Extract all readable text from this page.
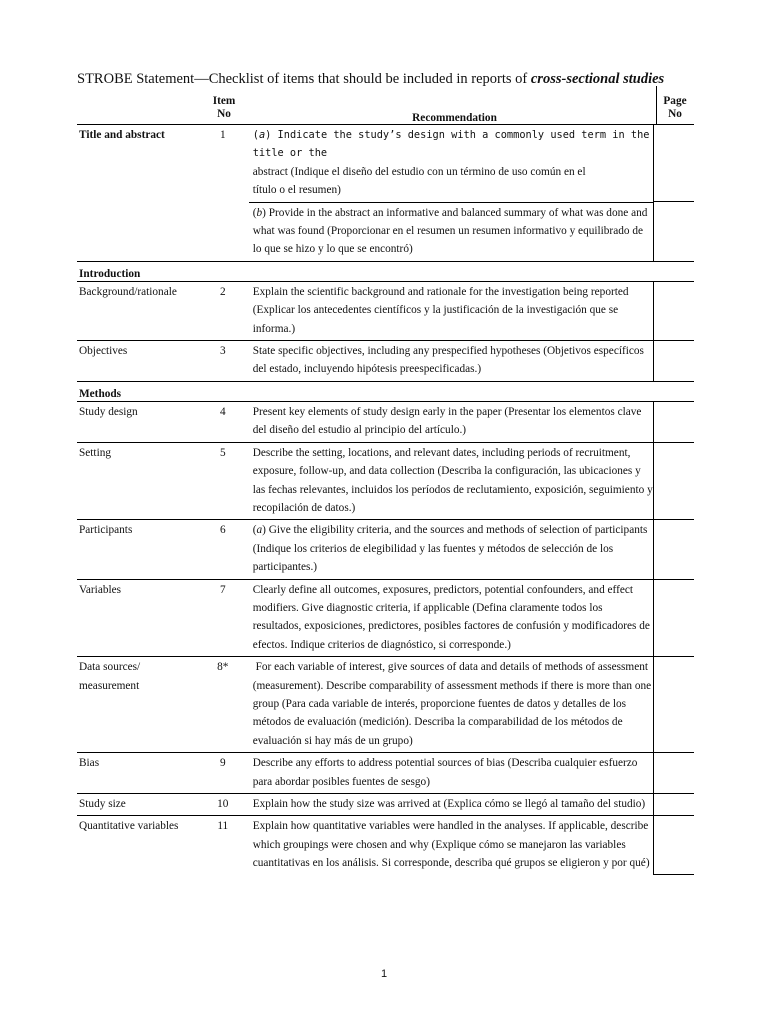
STROBE Statement—Checklist of items that should be included in reports of cross-sectional studies
Item
No	Recommendation
Page
No
Title and abstract	1	(a) Indicate the study’s design with a commonly used term in the title or the
abstract (Indique el diseño del estudio con un término de uso común en el
título o el resumen)
(b) Provide in the abstract an informative and balanced summary of what was done and what was found (Proporcionar en el resumen un resumen informativo y equilibrado de lo que se hizo y lo que se encontró)
Introduction
Background/rationale	2	Explain the scientific background and rationale for the investigation being reported (Explicar los antecedentes científicos y la justificación de la investigación que se informa.)
Objectives	3	State specific objectives, including any prespecified hypotheses (Objetivos específicos del estado, incluyendo hipótesis preespecificadas.)
Methods
Study design	4	Present key elements of study design early in the paper (Presentar los elementos clave del diseño del estudio al principio del artículo.)
Setting	5	Describe the setting, locations, and relevant dates, including periods of recruitment, exposure, follow-up, and data collection (Describa la configuración, las ubicaciones y las fechas relevantes, incluidos los períodos de reclutamiento, exposición, seguimiento y recopilación de datos.)
Participants	6	(a) Give the eligibility criteria, and the sources and methods of selection of participants (Indique los criterios de elegibilidad y las fuentes y métodos de selección de los participantes.)
Variables	7	Clearly define all outcomes, exposures, predictors, potential confounders, and effect modifiers. Give diagnostic criteria, if applicable (Defina claramente todos los resultados, exposiciones, predictores, posibles factores de confusión y modificadores de efectos. Indique criterios de diagnóstico, si corresponde.)
Data sources/
measurement
8*	For each variable of interest, give sources of data and details of methods of assessment (measurement). Describe comparability of assessment methods if there is more than one group (Para cada variable de interés, proporcione fuentes de datos y detalles de los métodos de evaluación (medición). Describa la comparabilidad de los métodos de evaluación si hay más de un grupo)
Bias	9	Describe any efforts to address potential sources of bias (Describa cualquier esfuerzo para abordar posibles fuentes de sesgo)
Study size	10	Explain how the study size was arrived at (Explica cómo se llegó al tamaño del studio)
Quantitative variables	11	Explain how quantitative variables were handled in the analyses. If applicable, describe which groupings were chosen and why (Explique cómo se manejaron las variables cuantitativas en los análisis. Si corresponde, describa qué grupos se eligieron y por qué)
1
